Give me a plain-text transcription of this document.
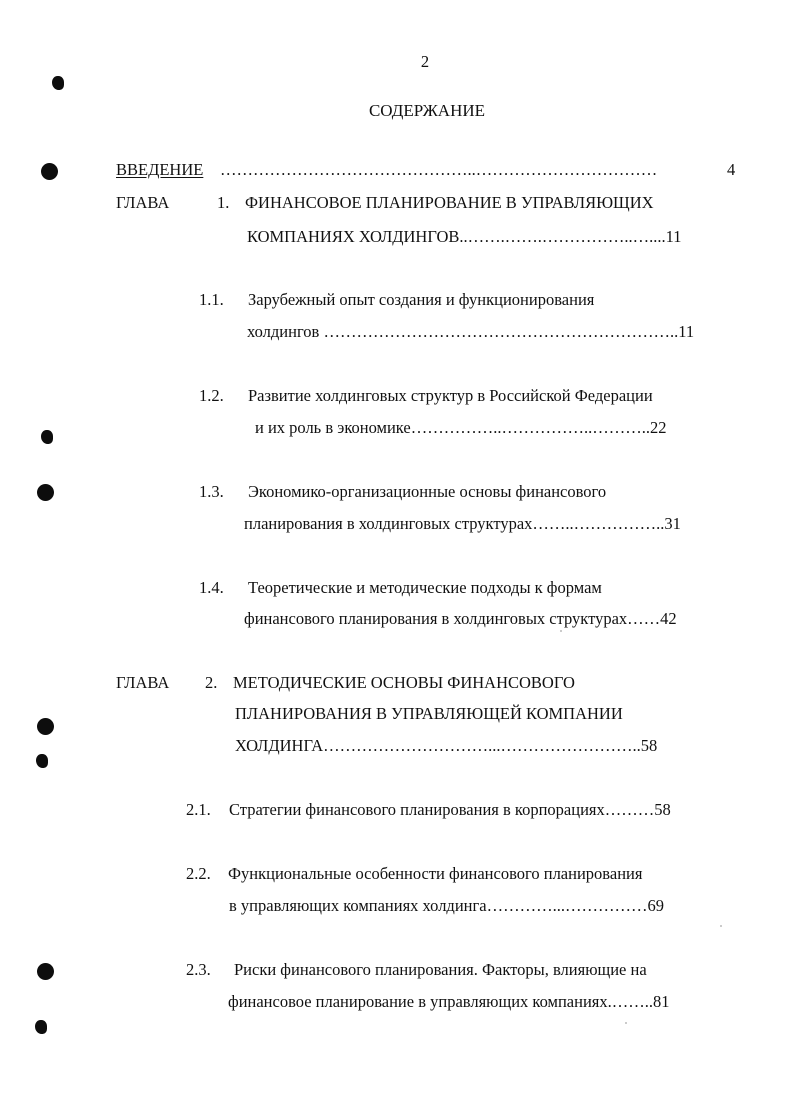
2
СОДЕРЖАНИЕ
ВВЕДЕНИЕ ………………………………………..……………………………	4
ГЛАВА	1. ФИНАНСОВОЕ ПЛАНИРОВАНИЕ В УПРАВЛЯЮЩИХ
КОМПАНИЯХ ХОЛДИНГОВ..…….…….……………..…....11
1.1. Зарубежный опыт создания и функционирования
холдингов ………………………………………………………..11
1.2. Развитие холдинговых структур в Российской Федерации
и их роль в экономике……………..……………..………..22
1.3. Экономико-организационные основы финансового
планирования в холдинговых структурах……..……………..31
1.4. Теоретические и методические подходы к формам
финансового планирования в холдинговых структурах……42
ГЛАВА 2. МЕТОДИЧЕСКИЕ ОСНОВЫ ФИНАНСОВОГО
ПЛАНИРОВАНИЯ В УПРАВЛЯЮЩЕЙ КОМПАНИИ
ХОЛДИНГА…………………………...……………………..58
2.1. Стратегии финансового планирования в корпорациях………58
2.2. Функциональные особенности финансового планирования
в управляющих компаниях холдинга…………...……………69
2.3. Риски финансового планирования. Факторы, влияющие на
финансовое планирование в управляющих компаниях.……..81
